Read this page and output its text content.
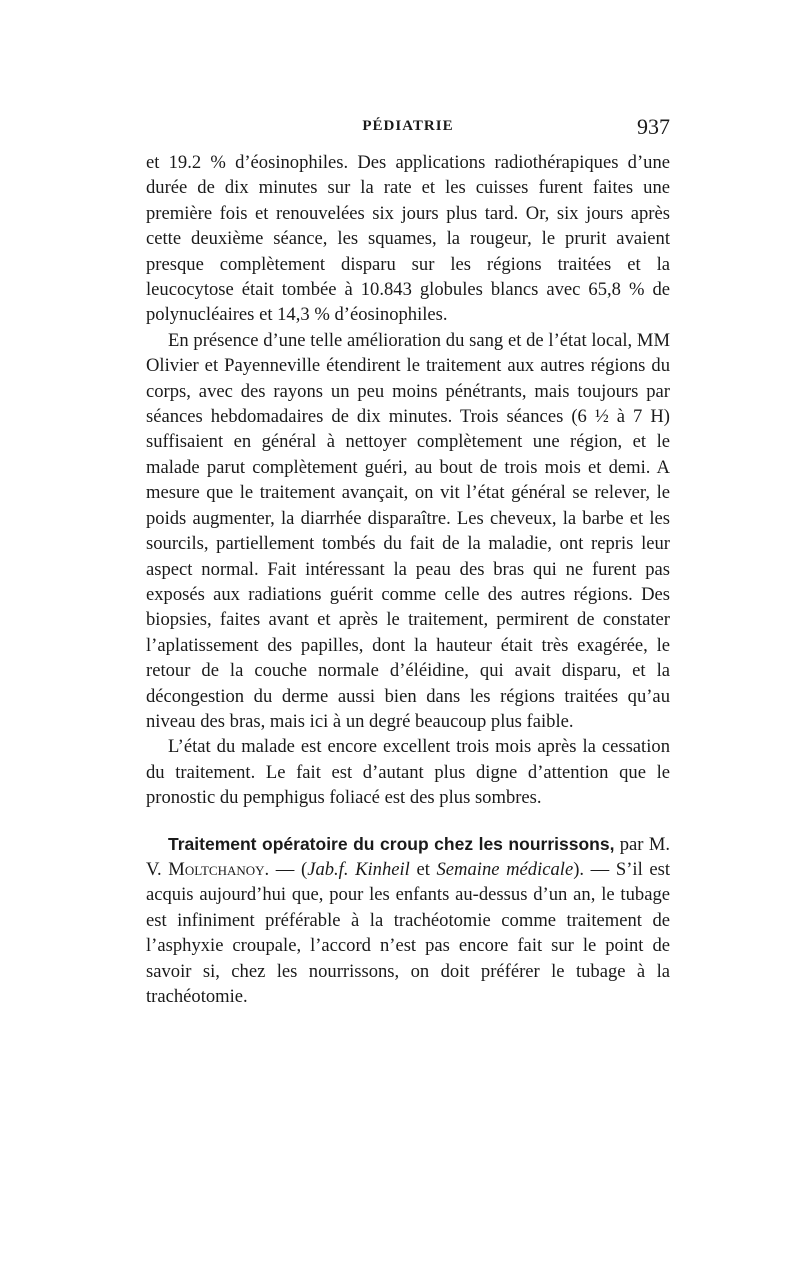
PÉDIATRIE	937

et 19.2 % d’éosinophiles. Des applications radiothérapiques d’une durée de dix minutes sur la rate et les cuisses furent faites une première fois et renouvelées six jours plus tard. Or, six jours après cette deuxième séance, les squames, la rougeur, le prurit avaient presque complètement disparu sur les régions traitées et la leucocytose était tombée à 10.843 globules blancs avec 65,8 % de polynucléaires et 14,3 % d’éosinophiles.

En présence d’une telle amélioration du sang et de l’état local, MM Olivier et Payenneville étendirent le traitement aux autres régions du corps, avec des rayons un peu moins pénétrants, mais toujours par séances hebdomadaires de dix minutes. Trois séances (6 ½ à 7 H) suffisaient en général à nettoyer complètement une région, et le malade parut complètement guéri, au bout de trois mois et demi. A mesure que le traitement avançait, on vit l’état général se relever, le poids augmenter, la diarrhée disparaître. Les cheveux, la barbe et les sourcils, partiellement tombés du fait de la maladie, ont repris leur aspect normal. Fait intéressant la peau des bras qui ne furent pas exposés aux radiations guérit comme celle des autres régions. Des biopsies, faites avant et après le traitement, permirent de constater l’aplatissement des papilles, dont la hauteur était très exagérée, le retour de la couche normale d’éléidine, qui avait disparu, et la décongestion du derme aussi bien dans les régions traitées qu’au niveau des bras, mais ici à un degré beaucoup plus faible.

L’état du malade est encore excellent trois mois après la cessation du traitement. Le fait est d’autant plus digne d’attention que le pronostic du pemphigus foliacé est des plus sombres.

Traitement opératoire du croup chez les nourrissons, par M. V. Moltchanoy. — (Jab.f. Kinheil et Semaine médicale). — S’il est acquis aujourd’hui que, pour les enfants au-dessus d’un an, le tubage est infiniment préférable à la trachéotomie comme traitement de l’asphyxie croupale, l’accord n’est pas encore fait sur le point de savoir si, chez les nourrissons, on doit préférer le tubage à la trachéotomie.
